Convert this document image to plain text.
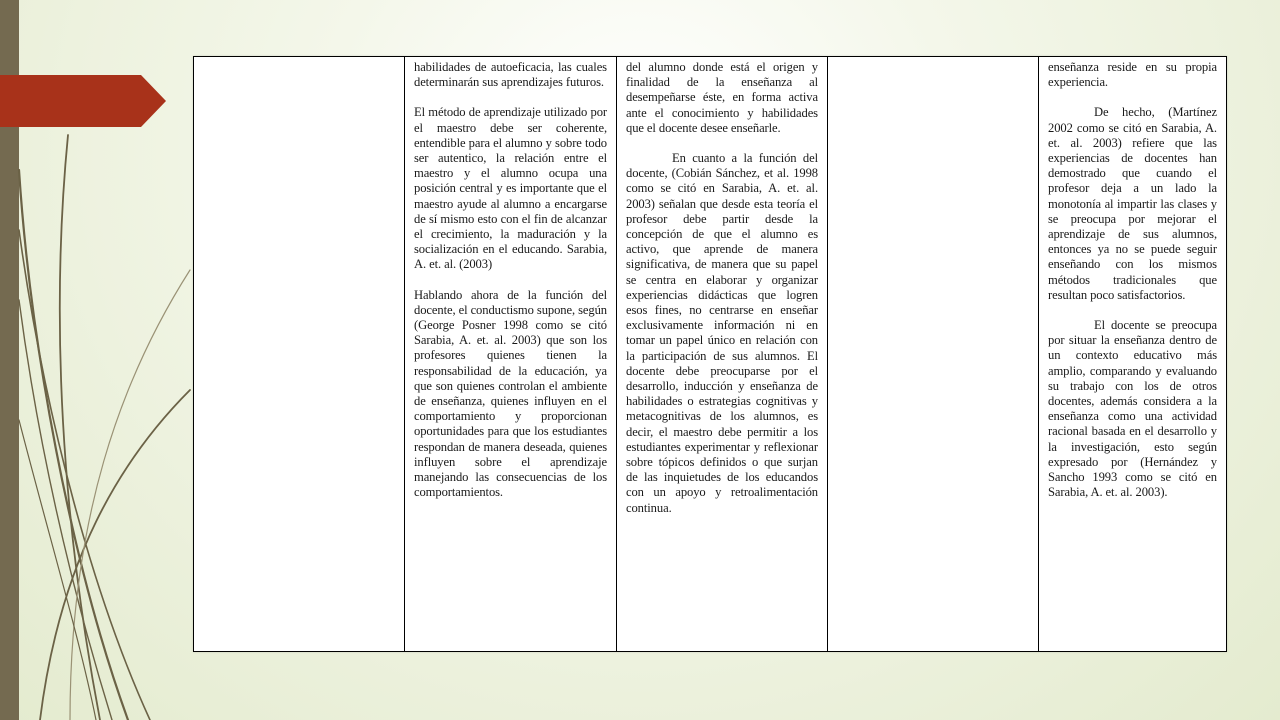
habilidades de autoeficacia, las cuales determinarán sus aprendizajes futuros.

El método de aprendizaje utilizado por el maestro debe ser coherente, entendible para el alumno y sobre todo ser autentico, la relación entre el maestro y el alumno ocupa una posición central y es importante que el maestro ayude al alumno a encargarse de sí mismo esto con el fin de alcanzar el crecimiento, la maduración y la socialización en el educando. Sarabia, A. et. al. (2003)

Hablando ahora de la función del docente, el conductismo supone, según (George Posner 1998 como se citó Sarabia, A. et. al. 2003) que son los profesores quienes tienen la responsabilidad de la educación, ya que son quienes controlan el ambiente de enseñanza, quienes influyen en el comportamiento y proporcionan oportunidades para que los estudiantes respondan de manera deseada, quienes influyen sobre el aprendizaje manejando las consecuencias de los comportamientos.

del alumno donde está el origen y finalidad de la enseñanza al desempeñarse éste, en forma activa ante el conocimiento y habilidades que el docente desee enseñarle.

En cuanto a la función del docente, (Cobián Sánchez, et al. 1998 como se citó en Sarabia, A. et. al. 2003) señalan que desde esta teoría el profesor debe partir desde la concepción de que el alumno es activo, que aprende de manera significativa, de manera que su papel se centra en elaborar y organizar experiencias didácticas que logren esos fines, no centrarse en enseñar exclusivamente información ni en tomar un papel único en relación con la participación de sus alumnos. El docente debe preocuparse por el desarrollo, inducción y enseñanza de habilidades o estrategias cognitivas y metacognitivas de los alumnos, es decir, el maestro debe permitir a los estudiantes experimentar y reflexionar sobre tópicos definidos o que surjan de las inquietudes de los educandos con un apoyo y retroalimentación continua.

enseñanza reside en su propia experiencia.

De hecho, (Martínez 2002 como se citó en Sarabia, A. et. al. 2003) refiere que las experiencias de docentes han demostrado que cuando el profesor deja a un lado la monotonía al impartir las clases y se preocupa por mejorar el aprendizaje de sus alumnos, entonces ya no se puede seguir enseñando con los mismos métodos tradicionales que resultan poco satisfactorios.

El docente se preocupa por situar la enseñanza dentro de un contexto educativo más amplio, comparando y evaluando su trabajo con los de otros docentes, además considera a la enseñanza como una actividad racional basada en el desarrollo y la investigación, esto según expresado por (Hernández y Sancho 1993 como se citó en Sarabia, A. et. al. 2003).
